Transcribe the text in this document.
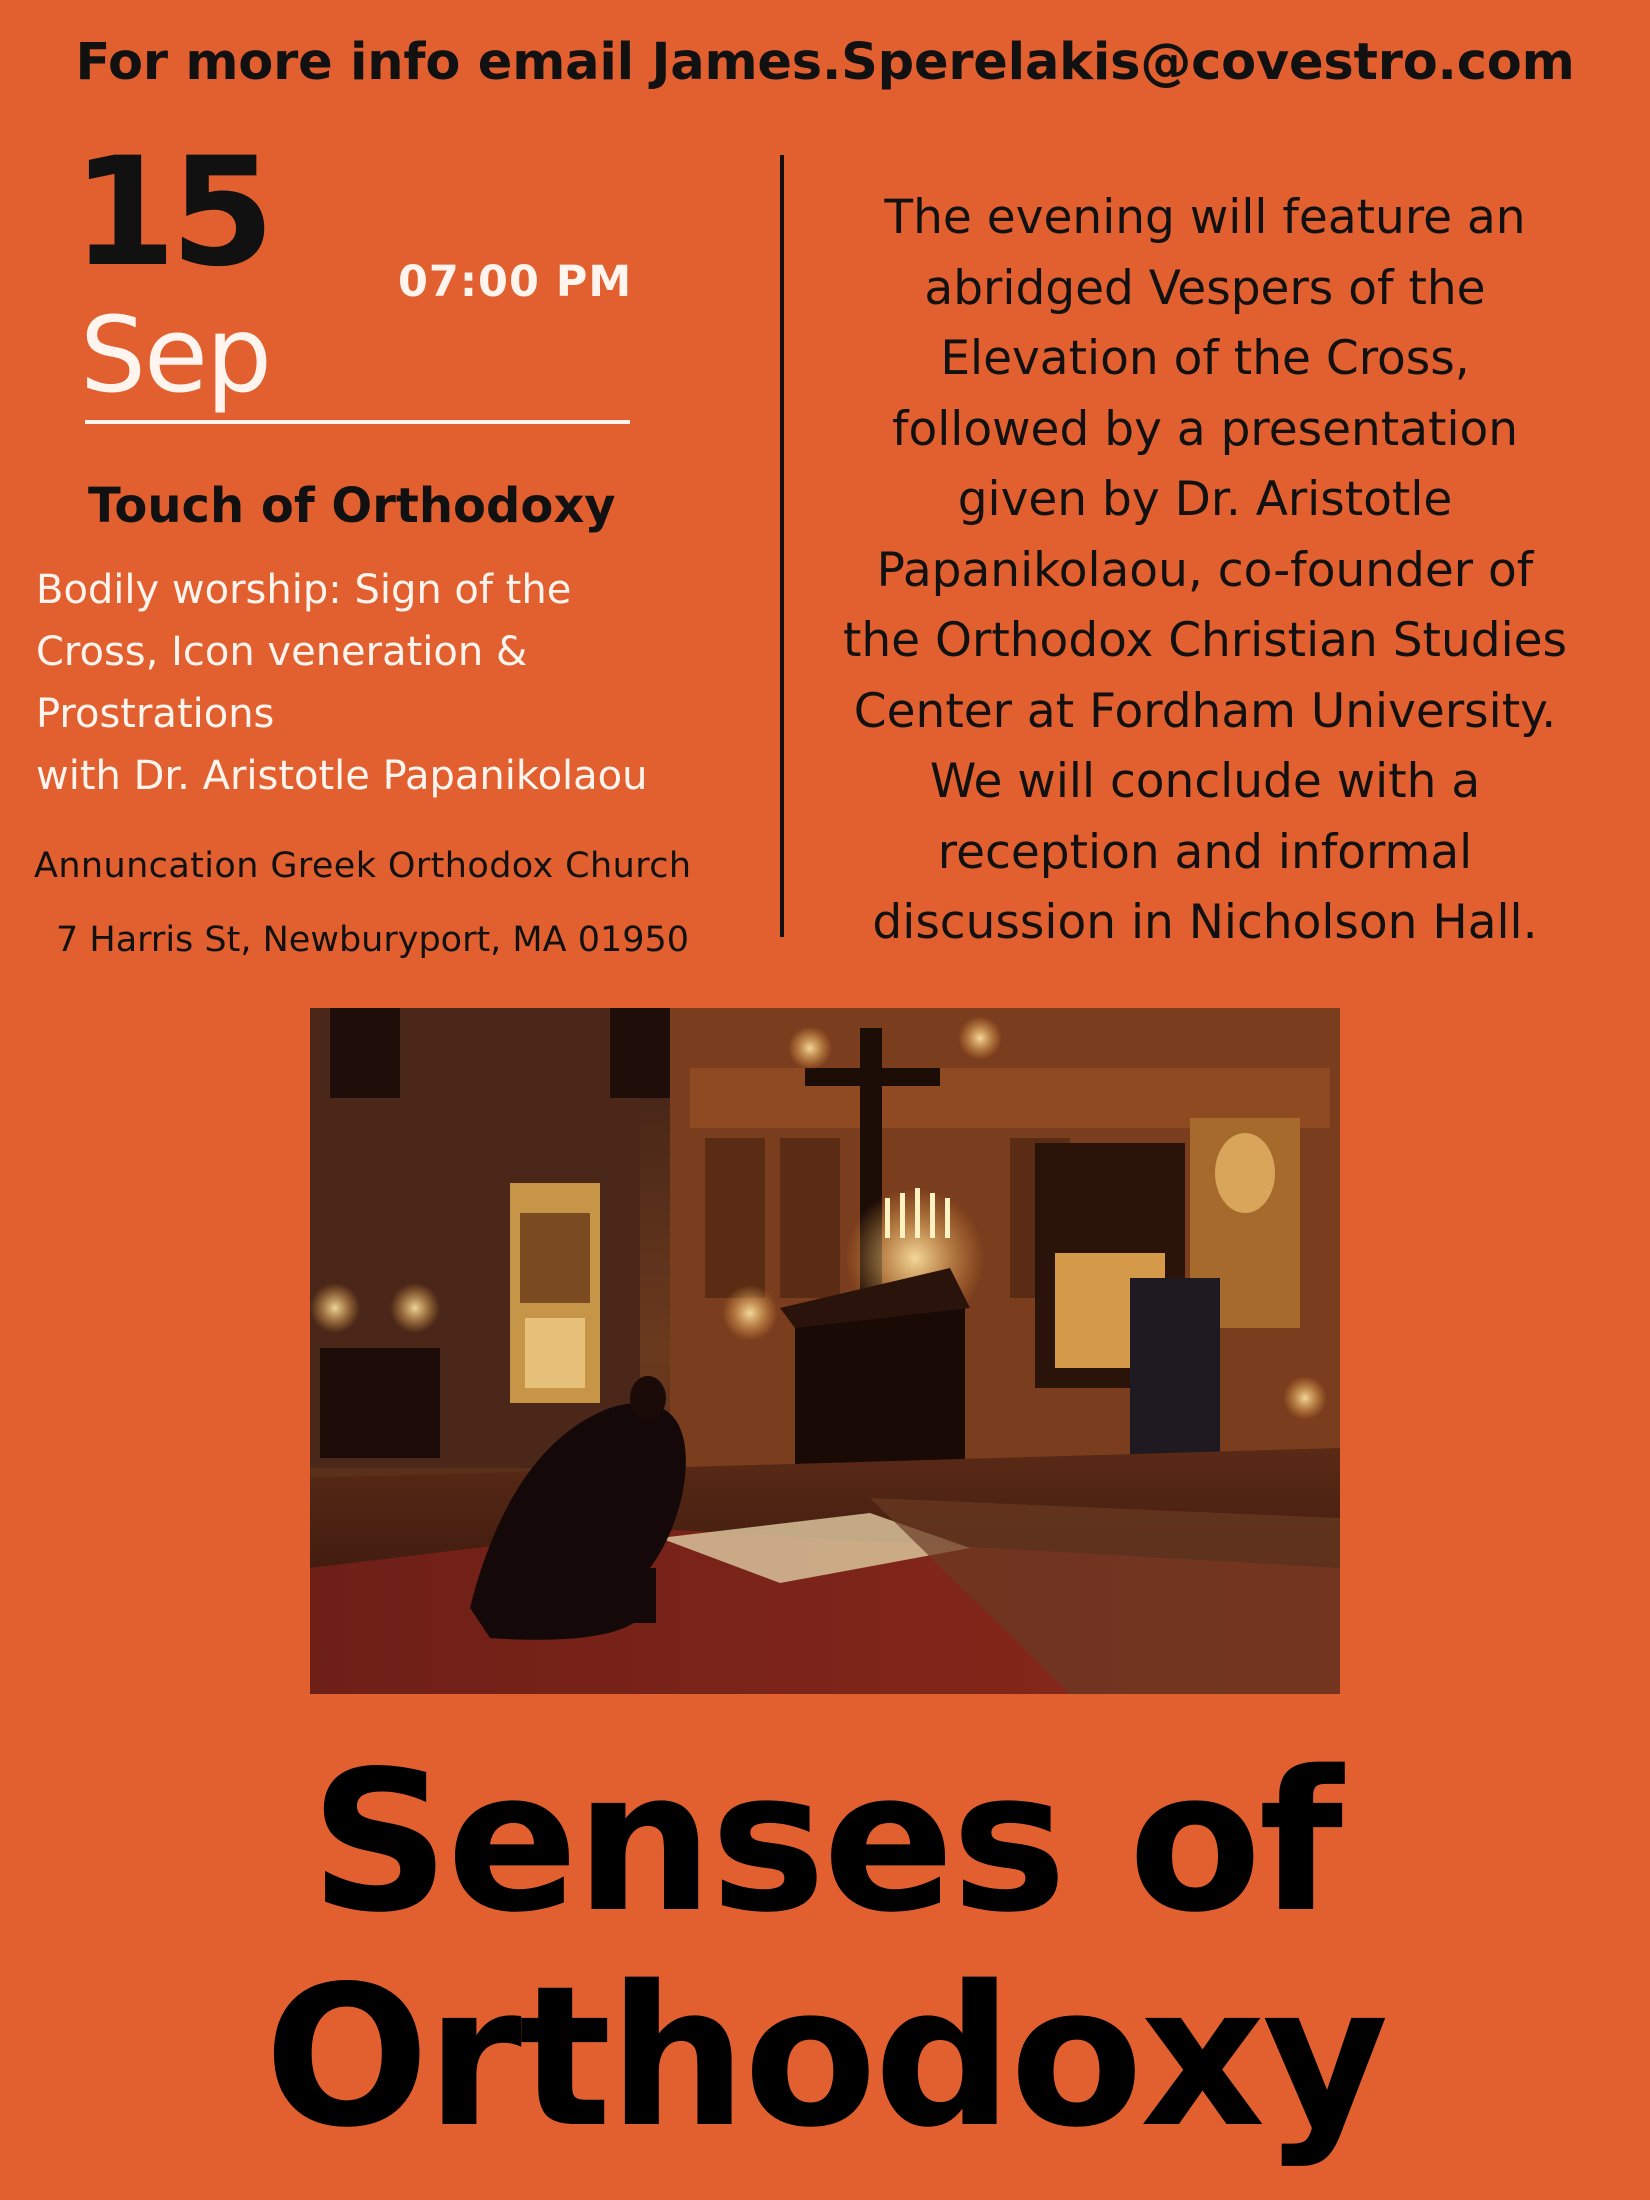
For more info email James.Sperelakis@covestro.com
15
Sep
07:00 PM
Touch of Orthodoxy
Bodily worship: Sign of the
Cross, Icon veneration &
Prostrations
with Dr. Aristotle Papanikolaou
Annuncation Greek Orthodox Church
7 Harris St, Newburyport, MA 01950
The evening will feature an
abridged Vespers of the
Elevation of the Cross,
followed by a presentation
given by Dr. Aristotle
Papanikolaou, co-founder of
the Orthodox Christian Studies
Center at Fordham University.
We will conclude with a
reception and informal
discussion in Nicholson Hall.
Senses of
Orthodoxy
